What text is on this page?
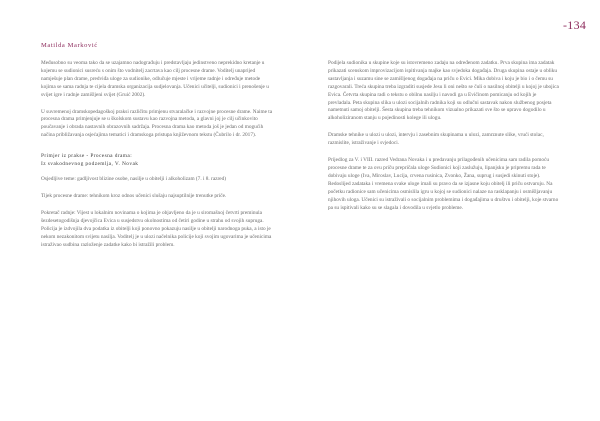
-134
Matilda Marković

Međusobno su veoma tako da se uzajamno nadograđuju i predstavljaju jedinstveno neprekidno kretanje u kojemu se sudionici susreću s onim što vodnitelj zacrtava kao cilj procesne drame. Voditelj unaprijed namješuje plan drame, predviđa uloge za sudionike, odlučuje mjeste i vrijeme radnje i određuje metode kojima se sama radnja te cijela dramska organizacija sudjelovanja. Učenici učitelji, sudionici i prenošenje u svijet igre i radnje zamišljeni svijet (Gruić 2002).

U suvremenoj dramskopedagoškoj praksi različitu primjenu stvaralačke i razvojne procesne drame. Naime ta procesna drama primjenjuje se u školskom sustavu kao razvojna metoda, a glavni joj je cilj učinkovito poučavanje i obrada nastavnih obrazovnih sadržaja. Procesna drama kao metoda još je jedan od mogućih načina približavanja osjećajima tematici i dramskoga pristupa književnom tekstu (Čubrilo i dr. 2017).

Primjer iz prakse - Procesna drama:
Iz svakodnevnog podzemlja, V. Novak

Osjedljive teme: gadljivost blizine osobe, nasilje u obitelji i alkoholizam (7. i 8. razred)

Tijek procesne drame: tehnikom kroz odnos učenici slušaju najsuptilnije trenutke priče.

Pokretač radnje: Vijest u lokalnim novinama o kojima je objavljeno da je u siromašnoj četvrti preminula šezdesetogodišnja djevojčica Evica u susjedstvu okolnostima od četiri godine u strahu od svojih supruga. Policija je izdvojila dva podatka iz obitelji koji ponovno pokazuju nasilje u obitelji narodnoga puka, a isto je nekom nezakonitom svijetu nasilja. Voditelj je u ulozi načelnika policije koji svojim ugovarima je učenicima istraživao sudbina razloženje zadatke kako bi istražili problem.

Podijela sudionika u skupine koje su istovremeno zadaju na određenom zadatku. Prva skupina ima zadatak prikazati scenskom improvizacijom ispitivanja majke kao svjedoka događaja. Druga skupina ostaje u obliku sastavljanja i suzamu sine se zamišljenog događaja na priču o Evici. Mika dobiva i koju je bio i o čemu su razgovarali. Treća skupina treba izgraditi susjede Jesu li oni nešto se čuli o nasilnoj obitelji u kojoj je ubojica Evica. Četvrta skupina radi o tekstu o obilnu nasilju i navodi ga u Evičinom pomicanju od kojih je prevladala. Peta skupina slika u ulozi socijalnih radnika koji su odlučni sastavak nakon službenog posjeta nametnuti samoj obitelji. Šesta skupina treba tehnikom vizualno prikazati sve što se upravo dogodilo u alkoholiziranom stanju u pojedinosti kolege ili ulogu.

Dramske tehnike u ulozi u ulozi, intervju i zasebnim skupinama u ulozi, zamrznute slike, vrući stolac, razmislite, istraživanje i svjedoci.

Prijedlog za V. i VIII. razred Vedrana Novaka i u predavanju prilagođenih učenicima sam radila pomoću procesne drame te za ovu priču prepričala uloge Sudionici koji zaslužuju, lipanjsku je pripremu rada te dobivaju uloge (Iva, Miroslav, Lucija, crvena rusinica, Zvonko, Žana, suprug i susjedi skinuti stoje). Redoslijed zadataka i vremena svake uloge imali su pravo da se izjasne koju obitelj ili priču ostvaruju. Na početku radionice sam učenicima osmislila igru u kojoj se sudionici nalaze na rasklapanju i osmišljavanju njihovih uloga. Učenici su istraživali o socijalnim problemima i događajima u društvu i obitelji, koje stvarno pa su ispitivali kako su se slagala i dovodila u svjetlo probleme.
